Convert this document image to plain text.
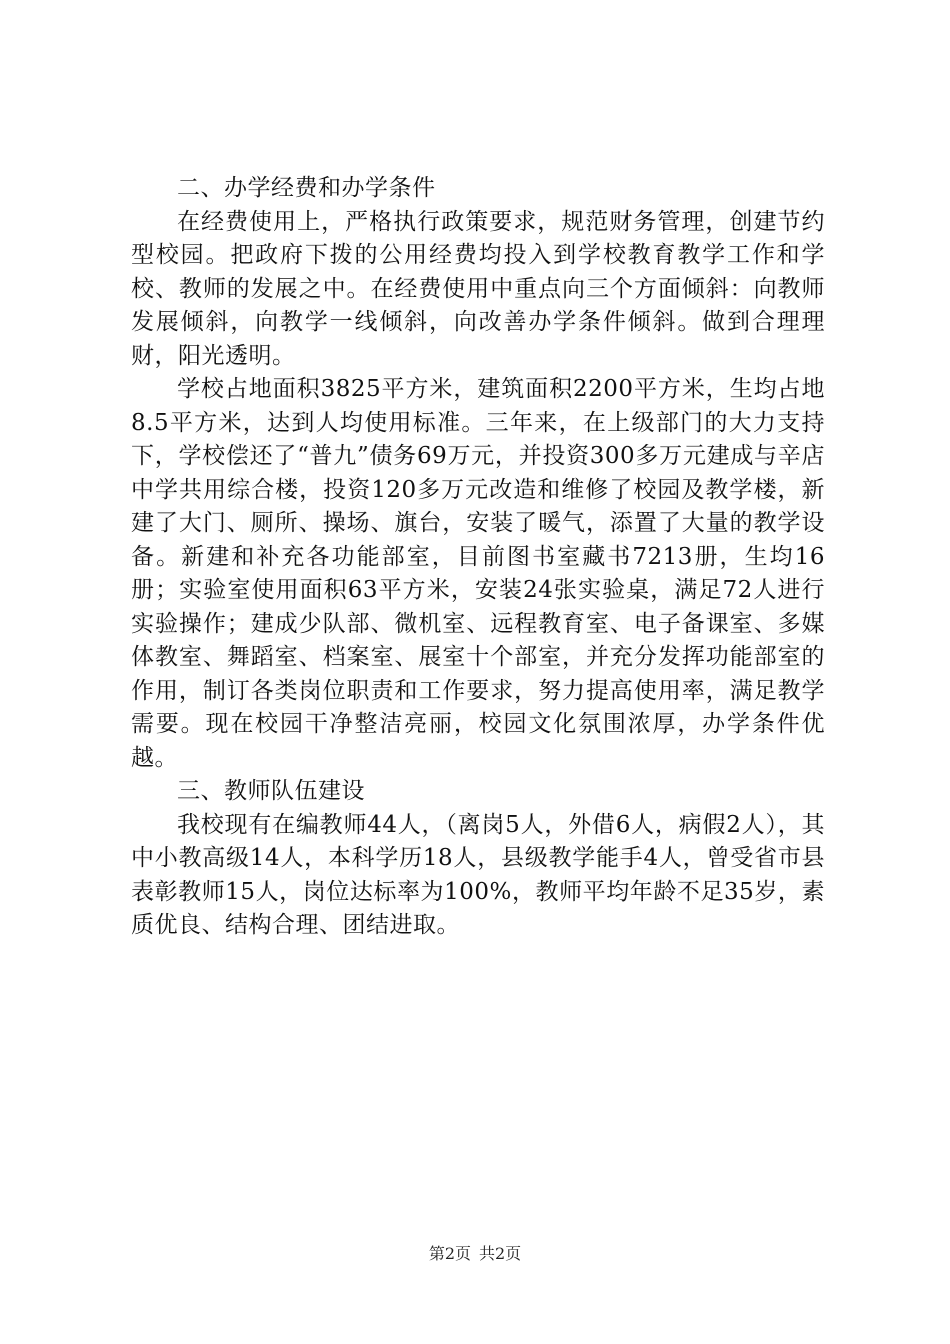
二、办学经费和办学条件

在经费使用上，严格执行政策要求，规范财务管理，创建节约型校园。把政府下拨的公用经费均投入到学校教育教学工作和学校、教师的发展之中。在经费使用中重点向三个方面倾斜：向教师发展倾斜，向教学一线倾斜，向改善办学条件倾斜。做到合理理财，阳光透明。

学校占地面积3825平方米，建筑面积2200平方米，生均占地8.5平方米，达到人均使用标准。三年来，在上级部门的大力支持下，学校偿还了“普九”债务69万元，并投资300多万元建成与辛店中学共用综合楼，投资120多万元改造和维修了校园及教学楼，新建了大门、厕所、操场、旗台，安装了暖气，添置了大量的教学设备。新建和补充各功能部室，目前图书室藏书7213册，生均16册；实验室使用面积63平方米，安装24张实验桌，满足72人进行实验操作；建成少队部、微机室、远程教育室、电子备课室、多媒体教室、舞蹈室、档案室、展室十个部室，并充分发挥功能部室的作用，制订各类岗位职责和工作要求，努力提高使用率，满足教学需要。现在校园干净整洁亮丽，校园文化氛围浓厚，办学条件优越。

三、教师队伍建设

我校现有在编教师44人，（离岗5人，外借6人，病假2人），其中小教高级14人，本科学历18人，县级教学能手4人，曾受省市县表彰教师15人，岗位达标率为100%，教师平均年龄不足35岁，素质优良、结构合理、团结进取。

第2页 共2页
